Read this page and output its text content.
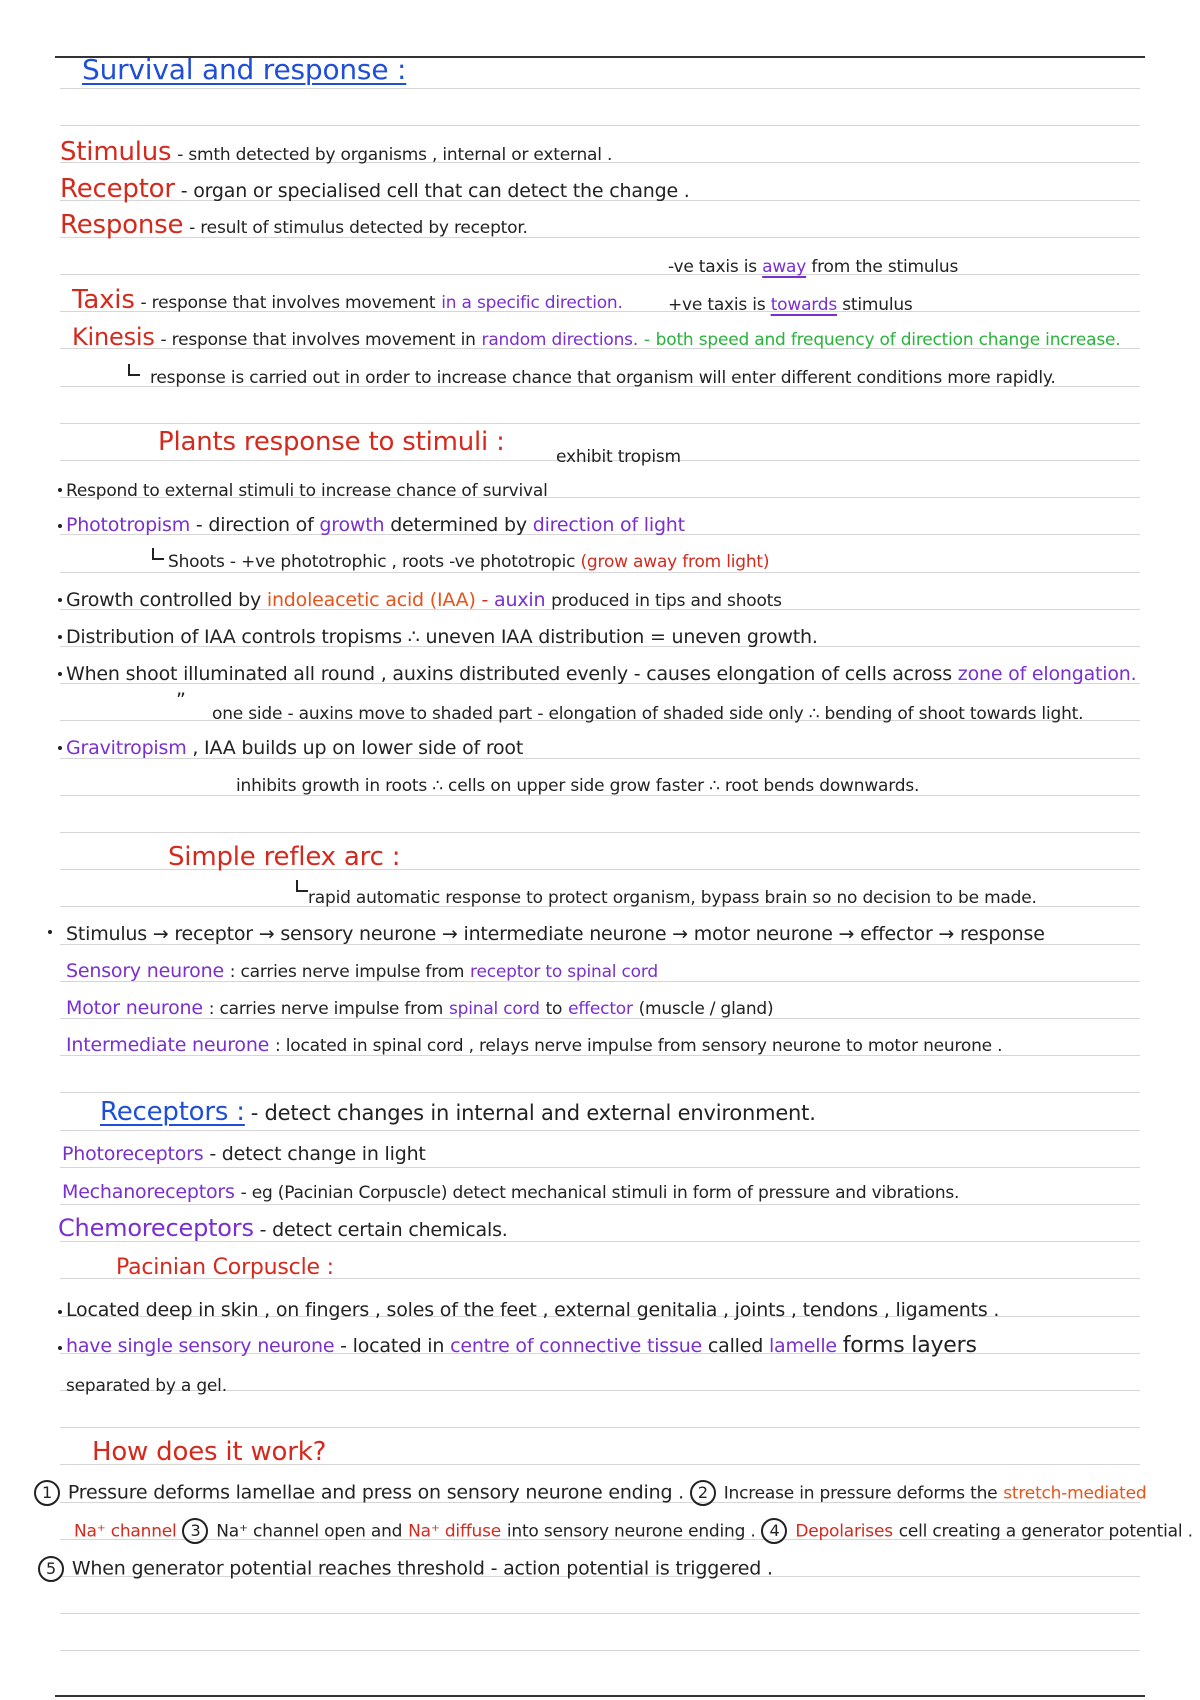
Survival and response :
Stimulus - smth detected by organisms , internal or external .
Receptor - organ or specialised cell that can detect the change .
Response - result of stimulus detected by receptor.
-ve taxis is away from the stimulus
Taxis - response that involves movement in a specific direction.	+ve taxis is towards stimulus
Kinesis - response that involves movement in random directions. - both speed and frequency of direction change increase.
response is carried out in order to increase chance that organism will enter different conditions more rapidly.
Plants response to stimuli :	exhibit tropism
Respond to external stimuli to increase chance of survival
Phototropism - direction of growth determined by direction of light
Shoots - +ve phototrophic , roots -ve phototropic (grow away from light)
Growth controlled by indoleacetic acid (IAA) - auxin produced in tips and shoots
Distribution of IAA controls tropisms ∴ uneven IAA distribution = uneven growth.
When shoot illuminated all round , auxins distributed evenly - causes elongation of cells across zone of elongation.
”
one side - auxins move to shaded part - elongation of shaded side only ∴ bending of shoot towards light.
Gravitropism , IAA builds up on lower side of root
inhibits growth in roots ∴ cells on upper side grow faster ∴ root bends downwards.
Simple reflex arc :
rapid automatic response to protect organism, bypass brain so no decision to be made.
Stimulus → receptor → sensory neurone → intermediate neurone → motor neurone → effector → response
Sensory neurone : carries nerve impulse from receptor to spinal cord
Motor neurone : carries nerve impulse from spinal cord to effector (muscle / gland)
Intermediate neurone : located in spinal cord , relays nerve impulse from sensory neurone to motor neurone .
Receptors : - detect changes in internal and external environment.
Photoreceptors - detect change in light
Mechanoreceptors - eg (Pacinian Corpuscle) detect mechanical stimuli in form of pressure and vibrations.
Chemoreceptors - detect certain chemicals.
Pacinian Corpuscle :
Located deep in skin , on fingers , soles of the feet , external genitalia , joints , tendons , ligaments .
have single sensory neurone - located in centre of connective tissue called lamelle forms layers
separated by a gel.
How does it work?
1 Pressure deforms lamellae and press on sensory neurone ending . 2 Increase in pressure deforms the stretch-mediated
Na⁺ channel 3 Na⁺ channel open and Na⁺ diffuse into sensory neurone ending . 4 Depolarises cell creating a generator potential .
5 When generator potential reaches threshold - action potential is triggered .
